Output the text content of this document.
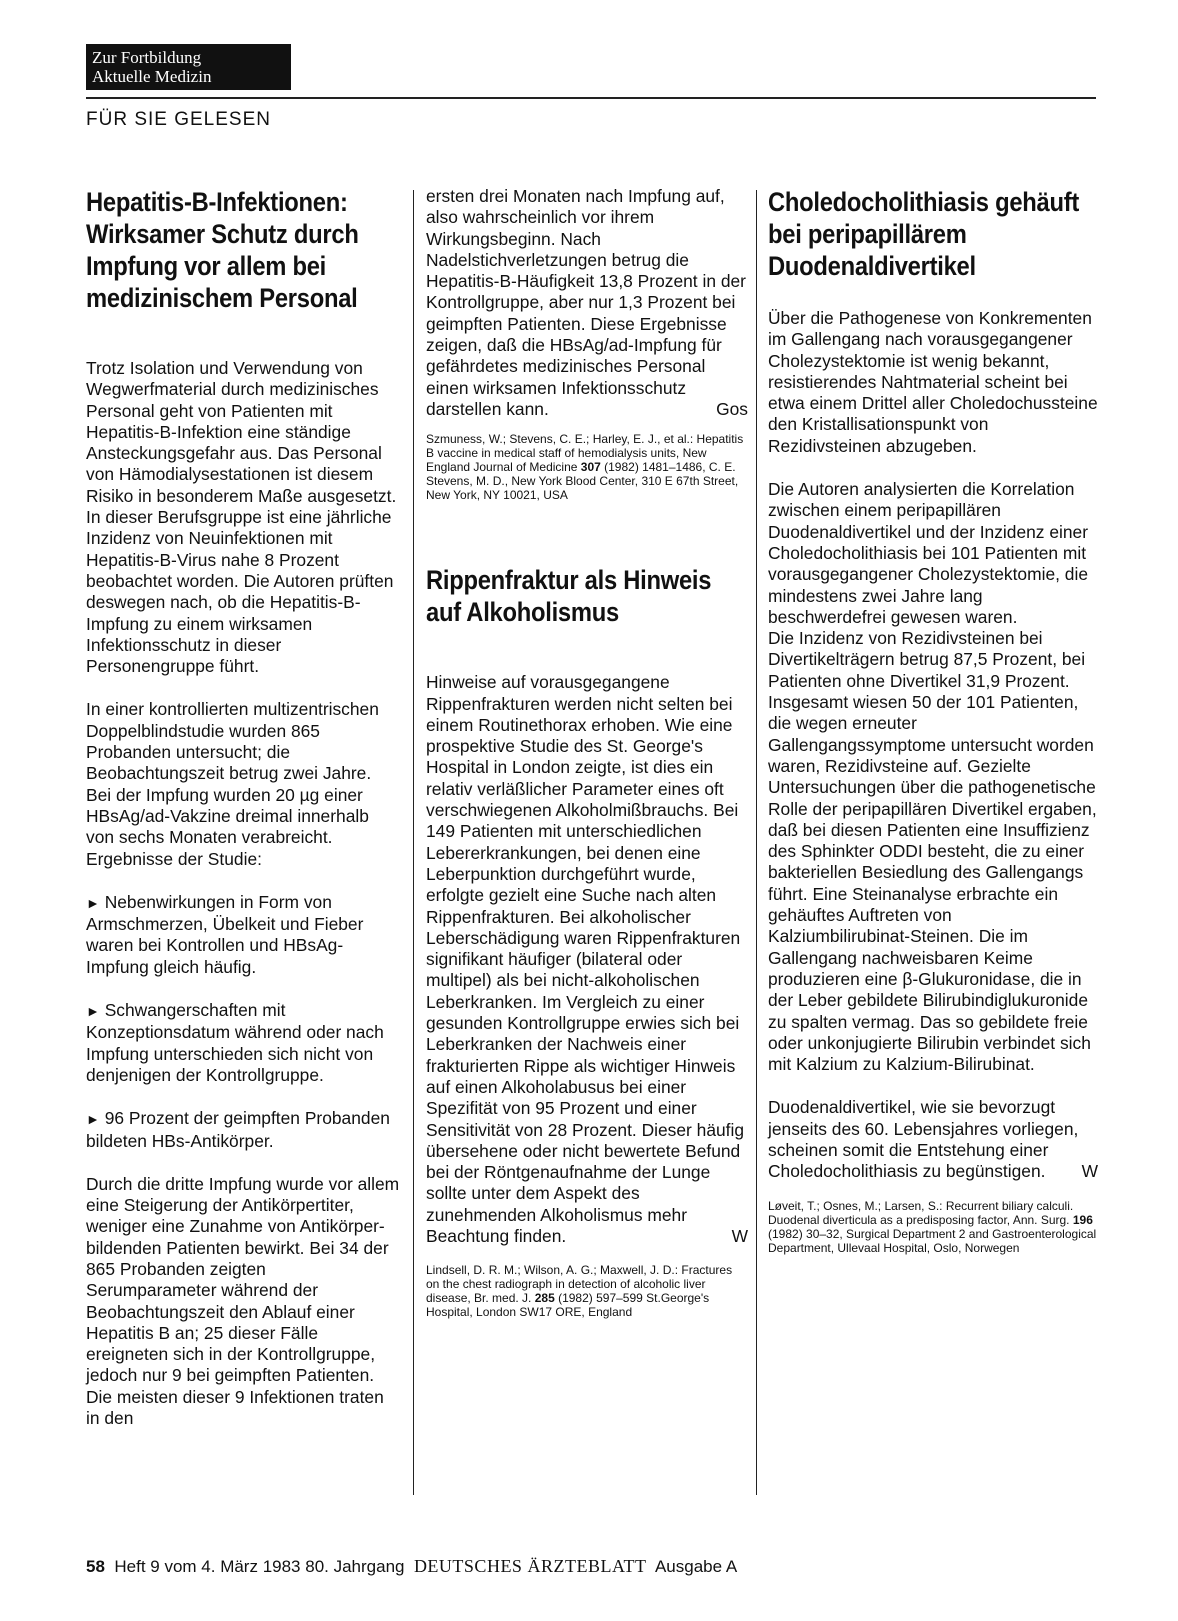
Zur Fortbildung
Aktuelle Medizin
FÜR SIE GELESEN
Hepatitis-B-Infektionen: Wirksamer Schutz durch Impfung vor allem bei medizinischem Personal

Trotz Isolation und Verwendung von Wegwerfmaterial durch medizinisches Personal geht von Patienten mit Hepatitis-B-Infektion eine ständige Ansteckungsgefahr aus. Das Personal von Hämodialysestationen ist diesem Risiko in besonderem Maße ausgesetzt. In dieser Berufsgruppe ist eine jährliche Inzidenz von Neuinfektionen mit Hepatitis-B-Virus nahe 8 Prozent beobachtet worden. Die Autoren prüften deswegen nach, ob die Hepatitis-B-Impfung zu einem wirksamen Infektionsschutz in dieser Personengruppe führt.

In einer kontrollierten multizentrischen Doppelblindstudie wurden 865 Probanden untersucht; die Beobachtungszeit betrug zwei Jahre. Bei der Impfung wurden 20 µg einer HBsAg/ad-Vakzine dreimal innerhalb von sechs Monaten verabreicht. Ergebnisse der Studie:

► Nebenwirkungen in Form von Armschmerzen, Übelkeit und Fieber waren bei Kontrollen und HBsAg-Impfung gleich häufig.

► Schwangerschaften mit Konzeptionsdatum während oder nach Impfung unterschieden sich nicht von denjenigen der Kontrollgruppe.

► 96 Prozent der geimpften Probanden bildeten HBs-Antikörper.

Durch die dritte Impfung wurde vor allem eine Steigerung der Antikörpertiter, weniger eine Zunahme von Antikörper-bildenden Patienten bewirkt. Bei 34 der 865 Probanden zeigten Serumparameter während der Beobachtungszeit den Ablauf einer Hepatitis B an; 25 dieser Fälle ereigneten sich in der Kontrollgruppe, jedoch nur 9 bei geimpften Patienten. Die meisten dieser 9 Infektionen traten in den

ersten drei Monaten nach Impfung auf, also wahrscheinlich vor ihrem Wirkungsbeginn. Nach Nadelstichverletzungen betrug die Hepatitis-B-Häufigkeit 13,8 Prozent in der Kontrollgruppe, aber nur 1,3 Prozent bei geimpften Patienten. Diese Ergebnisse zeigen, daß die HBsAg/ad-Impfung für gefährdetes medizinisches Personal einen wirksamen Infektionsschutz darstellen kann.	Gos

Szmuness, W.; Stevens, C. E.; Harley, E. J., et al.: Hepatitis B vaccine in medical staff of hemodialysis units, New England Journal of Medicine 307 (1982) 1481–1486, C. E. Stevens, M. D., New York Blood Center, 310 E 67th Street, New York, NY 10021, USA

Rippenfraktur als Hinweis auf Alkoholismus

Hinweise auf vorausgegangene Rippenfrakturen werden nicht selten bei einem Routinethorax erhoben. Wie eine prospektive Studie des St. George's Hospital in London zeigte, ist dies ein relativ verläßlicher Parameter eines oft verschwiegenen Alkoholmißbrauchs. Bei 149 Patienten mit unterschiedlichen Lebererkrankungen, bei denen eine Leberpunktion durchgeführt wurde, erfolgte gezielt eine Suche nach alten Rippenfrakturen. Bei alkoholischer Leberschädigung waren Rippenfrakturen signifikant häufiger (bilateral oder multipel) als bei nicht-alkoholischen Leberkranken. Im Vergleich zu einer gesunden Kontrollgruppe erwies sich bei Leberkranken der Nachweis einer frakturierten Rippe als wichtiger Hinweis auf einen Alkoholabusus bei einer Spezifität von 95 Prozent und einer Sensitivität von 28 Prozent. Dieser häufig übersehene oder nicht bewertete Befund bei der Röntgenaufnahme der Lunge sollte unter dem Aspekt des zunehmenden Alkoholismus mehr Beachtung finden.	W

Lindsell, D. R. M.; Wilson, A. G.; Maxwell, J. D.: Fractures on the chest radiograph in detection of alcoholic liver disease, Br. med. J. 285 (1982) 597–599 St.George's Hospital, London SW17 ORE, England

Choledocholithiasis gehäuft bei peripapillärem Duodenaldivertikel

Über die Pathogenese von Konkrementen im Gallengang nach vorausgegangener Cholezystektomie ist wenig bekannt, resistierendes Nahtmaterial scheint bei etwa einem Drittel aller Choledochussteine den Kristallisationspunkt von Rezidivsteinen abzugeben.

Die Autoren analysierten die Korrelation zwischen einem peripapillären Duodenaldivertikel und der Inzidenz einer Choledocholithiasis bei 101 Patienten mit vorausgegangener Cholezystektomie, die mindestens zwei Jahre lang beschwerdefrei gewesen waren.

Die Inzidenz von Rezidivsteinen bei Divertikelträgern betrug 87,5 Prozent, bei Patienten ohne Divertikel 31,9 Prozent. Insgesamt wiesen 50 der 101 Patienten, die wegen erneuter Gallengangssymptome untersucht worden waren, Rezidivsteine auf. Gezielte Untersuchungen über die pathogenetische Rolle der peripapillären Divertikel ergaben, daß bei diesen Patienten eine Insuffizienz des Sphinkter ODDI besteht, die zu einer bakteriellen Besiedlung des Gallengangs führt. Eine Steinanalyse erbrachte ein gehäuftes Auftreten von Kalziumbilirubinat-Steinen. Die im Gallengang nachweisbaren Keime produzieren eine β-Glukuronidase, die in der Leber gebildete Bilirubindiglukuronide zu spalten vermag. Das so gebildete freie oder unkonjugierte Bilirubin verbindet sich mit Kalzium zu Kalzium-Bilirubinat.

Duodenaldivertikel, wie sie bevorzugt jenseits des 60. Lebensjahres vorliegen, scheinen somit die Entstehung einer Choledocholithiasis zu begünstigen. W

Løveit, T.; Osnes, M.; Larsen, S.: Recurrent biliary calculi. Duodenal diverticula as a predisposing factor, Ann. Surg. 196 (1982) 30–32, Surgical Department 2 and Gastroenterological Department, Ullevaal Hospital, Oslo, Norwegen

58 Heft 9 vom 4. März 1983 80. Jahrgang DEUTSCHES ÄRZTEBLATT Ausgabe A
